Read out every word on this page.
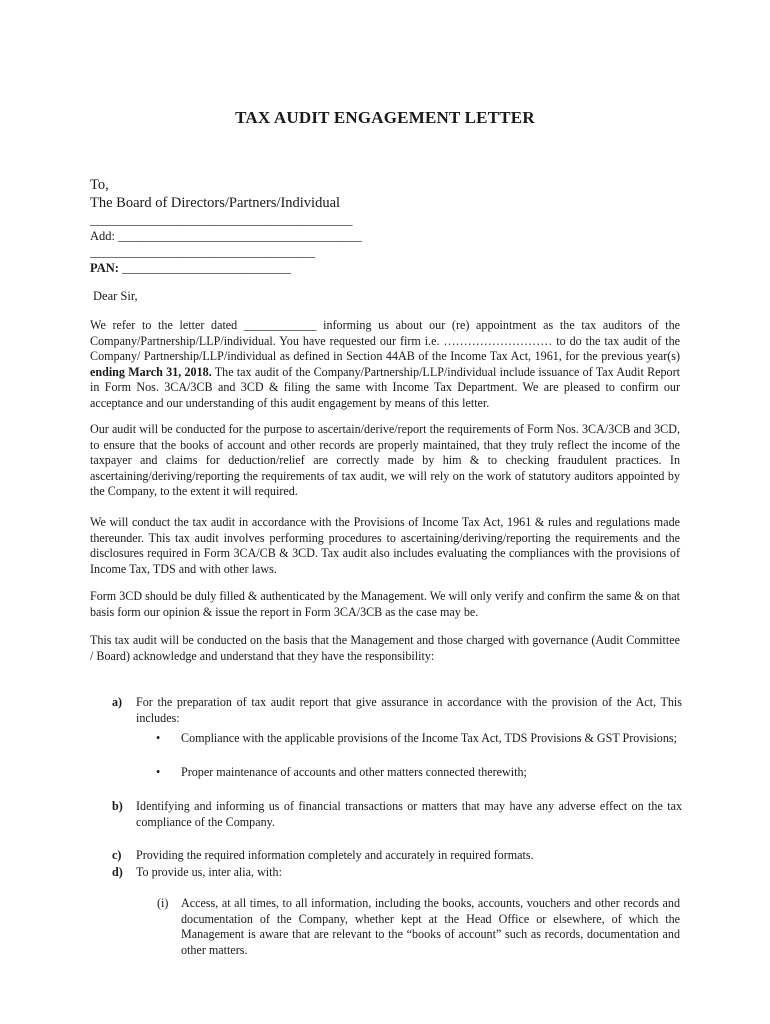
TAX AUDIT ENGAGEMENT LETTER
To,
The Board of Directors/Partners/Individual
__________________________________________
Add: _______________________________________
____________________________________
PAN: ___________________________
Dear Sir,

We refer to the letter dated ____________ informing us about our (re) appointment as the tax auditors of the Company/Partnership/LLP/individual. You have requested our firm i.e. ……………………… to do the tax audit of the Company/ Partnership/LLP/individual as defined in Section 44AB of the Income Tax Act, 1961, for the previous year(s) ending March 31, 2018. The tax audit of the Company/Partnership/LLP/individual include issuance of Tax Audit Report in Form Nos. 3CA/3CB and 3CD & filing the same with Income Tax Department. We are pleased to confirm our acceptance and our understanding of this audit engagement by means of this letter.

Our audit will be conducted for the purpose to ascertain/derive/report the requirements of Form Nos. 3CA/3CB and 3CD, to ensure that the books of account and other records are properly maintained, that they truly reflect the income of the taxpayer and claims for deduction/relief are correctly made by him & to checking fraudulent practices. In ascertaining/deriving/reporting the requirements of tax audit, we will rely on the work of statutory auditors appointed by the Company, to the extent it will required.

We will conduct the tax audit in accordance with the Provisions of Income Tax Act, 1961 & rules and regulations made thereunder. This tax audit involves performing procedures to ascertaining/deriving/reporting the requirements and the disclosures required in Form 3CA/CB & 3CD. Tax audit also includes evaluating the compliances with the provisions of Income Tax, TDS and with other laws.

Form 3CD should be duly filled & authenticated by the Management. We will only verify and confirm the same & on that basis form our opinion & issue the report in Form 3CA/3CB as the case may be.

This tax audit will be conducted on the basis that the Management and those charged with governance (Audit Committee / Board) acknowledge and understand that they have the responsibility:

a) For the preparation of tax audit report that give assurance in accordance with the provision of the Act, This includes:
• Compliance with the applicable provisions of the Income Tax Act, TDS Provisions & GST Provisions;
• Proper maintenance of accounts and other matters connected therewith;
b) Identifying and informing us of financial transactions or matters that may have any adverse effect on the tax compliance of the Company.
c) Providing the required information completely and accurately in required formats.
d) To provide us, inter alia, with:
(i) Access, at all times, to all information, including the books, accounts, vouchers and other records and documentation of the Company, whether kept at the Head Office or elsewhere, of which the Management is aware that are relevant to the “books of account” such as records, documentation and other matters.
